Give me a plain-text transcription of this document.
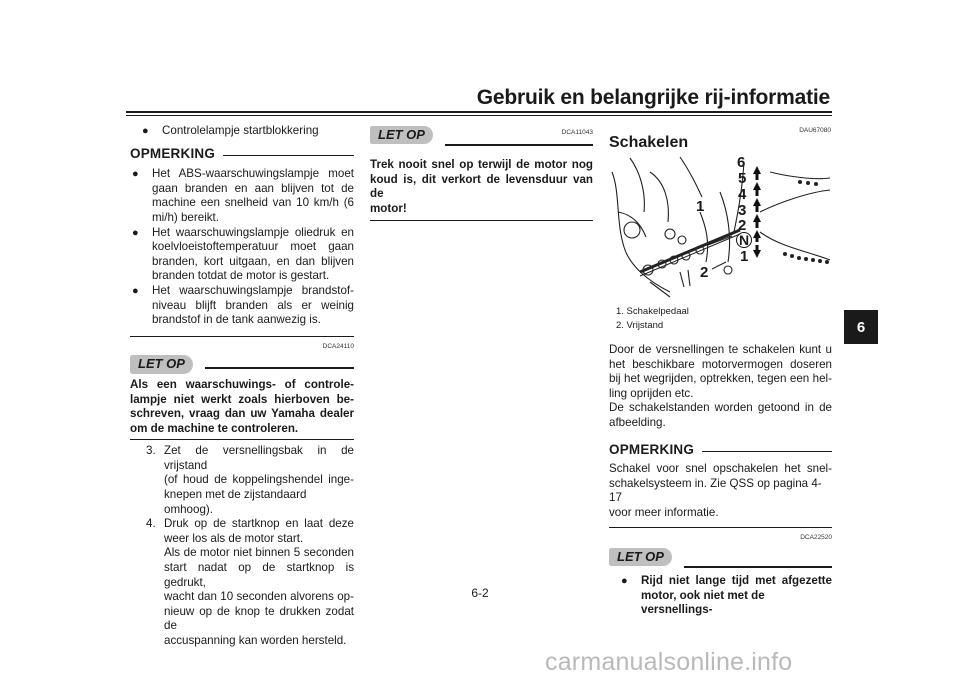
Gebruik en belangrijke rij-informatie
6
●	Controlelampje startblokkering
OPMERKING
●	Het ABS-waarschuwingslampje moet
gaan branden en aan blijven tot de
machine een snelheid van 10 km/h (6
mi/h) bereikt.
●	Het waarschuwingslampje oliedruk en
koelvloeistoftemperatuur moet gaan
branden, kort uitgaan, en dan blijven
branden totdat de motor is gestart.
●	Het waarschuwingslampje brandstof-
niveau blijft branden als er weinig
brandstof in de tank aanwezig is.
DCA24110
LET OP
Als een waarschuwings- of controle-
lampje niet werkt zoals hierboven be-
schreven, vraag dan uw Yamaha dealer
om de machine te controleren.
3. Zet de versnellingsbak in de vrijstand
(of houd de koppelingshendel inge-
knepen met de zijstandaard omhoog).
4. Druk op de startknop en laat deze
weer los als de motor start.
Als de motor niet binnen 5 seconden
start nadat op de startknop is gedrukt,
wacht dan 10 seconden alvorens op-
nieuw op de knop te drukken zodat de
accuspanning kan worden hersteld.
LET OP	DCA11043
Trek nooit snel op terwijl de motor nog
koud is, dit verkort de levensduur van de
motor!
DAU67080
Schakelen
6
5
4
3
2
N
1
1
2
1. Schakelpedaal
2. Vrijstand
Door de versnellingen te schakelen kunt u
het beschikbare motorvermogen doseren
bij het wegrijden, optrekken, tegen een hel-
ling oprijden etc.
De schakelstanden worden getoond in de
afbeelding.
OPMERKING
Schakel voor snel opschakelen het snel-
schakelsysteem in. Zie QSS op pagina 4-17
voor meer informatie.
DCA22520
LET OP
●	Rijd niet lange tijd met afgezette
motor, ook niet met de versnellings-
6-2
carmanualsonline.info
